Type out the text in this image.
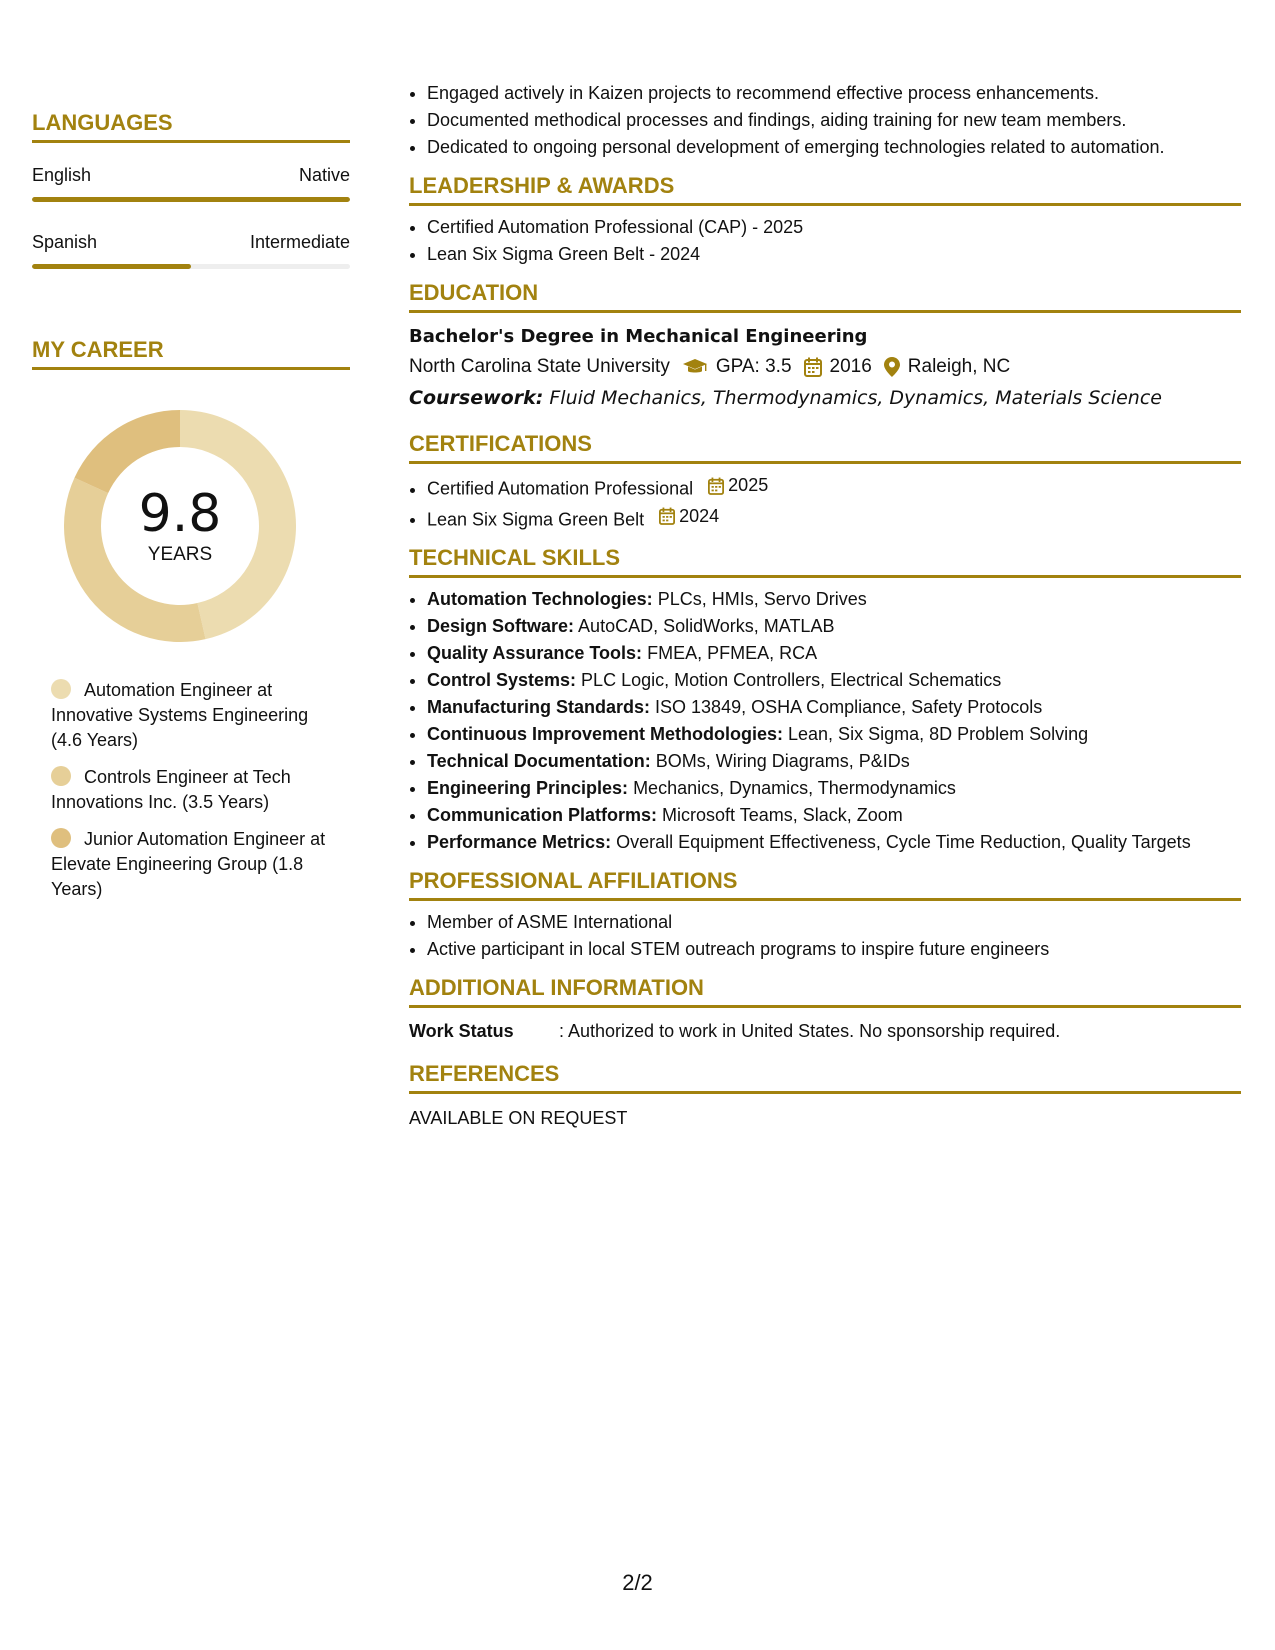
LANGUAGES
English	Native
Spanish	Intermediate
MY CAREER
9.8
YEARS
Automation Engineer at Innovative Systems Engineering (4.6 Years)
Controls Engineer at Tech Innovations Inc. (3.5 Years)
Junior Automation Engineer at Elevate Engineering Group (1.8 Years)
• Engaged actively in Kaizen projects to recommend effective process enhancements.
• Documented methodical processes and findings, aiding training for new team members.
• Dedicated to ongoing personal development of emerging technologies related to automation.
LEADERSHIP & AWARDS
• Certified Automation Professional (CAP) - 2025
• Lean Six Sigma Green Belt - 2024
EDUCATION
Bachelor's Degree in Mechanical Engineering
North Carolina State University GPA: 3.5 2016 Raleigh, NC
Coursework: Fluid Mechanics, Thermodynamics, Dynamics, Materials Science
CERTIFICATIONS
• Certified Automation Professional 2025
• Lean Six Sigma Green Belt 2024
TECHNICAL SKILLS
• Automation Technologies: PLCs, HMIs, Servo Drives
• Design Software: AutoCAD, SolidWorks, MATLAB
• Quality Assurance Tools: FMEA, PFMEA, RCA
• Control Systems: PLC Logic, Motion Controllers, Electrical Schematics
• Manufacturing Standards: ISO 13849, OSHA Compliance, Safety Protocols
• Continuous Improvement Methodologies: Lean, Six Sigma, 8D Problem Solving
• Technical Documentation: BOMs, Wiring Diagrams, P&IDs
• Engineering Principles: Mechanics, Dynamics, Thermodynamics
• Communication Platforms: Microsoft Teams, Slack, Zoom
• Performance Metrics: Overall Equipment Effectiveness, Cycle Time Reduction, Quality Targets
PROFESSIONAL AFFILIATIONS
• Member of ASME International
• Active participant in local STEM outreach programs to inspire future engineers
ADDITIONAL INFORMATION
Work Status	: Authorized to work in United States. No sponsorship required.
REFERENCES
AVAILABLE ON REQUEST
2/2
